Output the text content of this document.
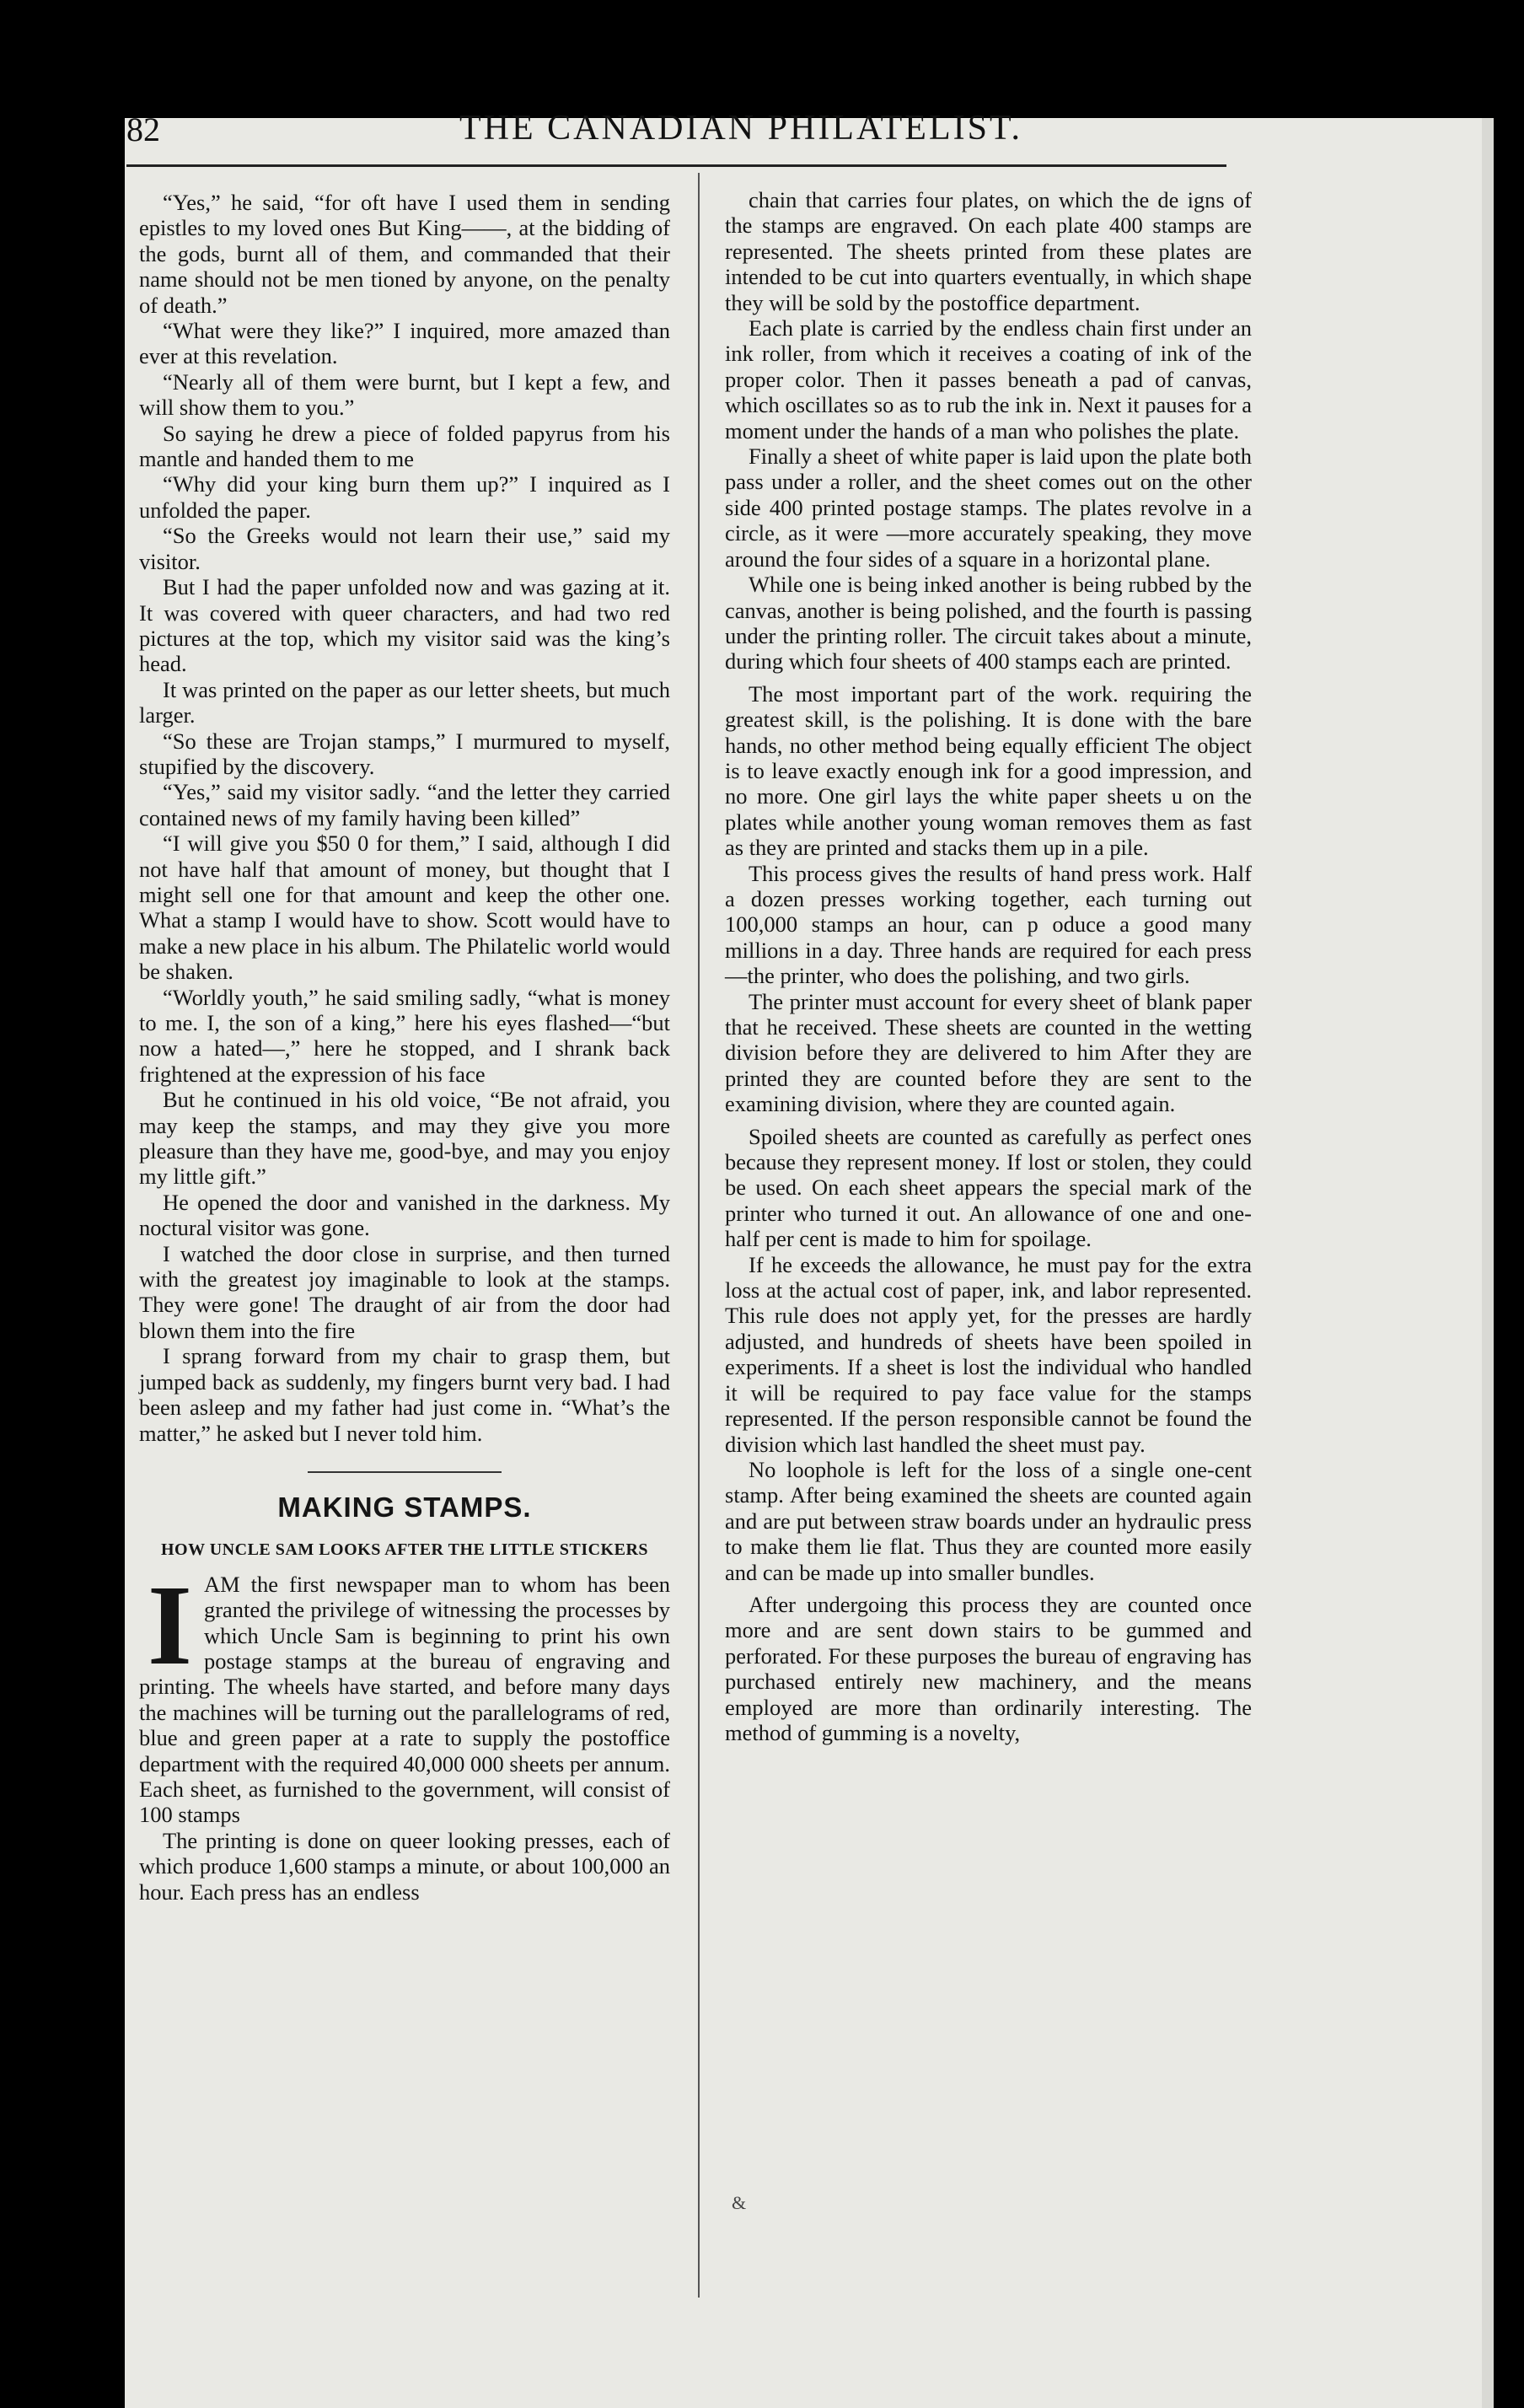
82	THE CANADIAN PHILATELIST.

“Yes,” he said, “for oft have I used them in sending epistles to my loved ones But King——, at the bidding of the gods, burnt all of them, and commanded that their name should not be men tioned by anyone, on the penalty of death.”

“What were they like?” I inquired, more amazed than ever at this revelation.

“Nearly all of them were burnt, but I kept a few, and will show them to you.”

So saying he drew a piece of folded papyrus from his mantle and handed them to me

“Why did your king burn them up?” I inquired as I unfolded the paper.

“So the Greeks would not learn their use,” said my visitor.

But I had the paper unfolded now and was gazing at it. It was covered with queer characters, and had two red pictures at the top, which my visitor said was the king’s head.

It was printed on the paper as our letter sheets, but much larger.

“So these are Trojan stamps,” I murmured to myself, stupified by the discovery.

“Yes,” said my visitor sadly. “and the letter they carried contained news of my family having been killed”

“I will give you $50 0 for them,” I said, although I did not have half that amount of money, but thought that I might sell one for that amount and keep the other one. What a stamp I would have to show. Scott would have to make a new place in his album. The Philatelic world would be shaken.

“Worldly youth,” he said smiling sadly, “what is money to me. I, the son of a king,” here his eyes flashed—“but now a hated—,” here he stopped, and I shrank back frightened at the expression of his face

But he continued in his old voice, “Be not afraid, you may keep the stamps, and may they give you more pleasure than they have me, good-bye, and may you enjoy my little gift.”

He opened the door and vanished in the darkness. My noctural visitor was gone.

I watched the door close in surprise, and then turned with the greatest joy imaginable to look at the stamps. They were gone! The draught of air from the door had blown them into the fire

I sprang forward from my chair to grasp them, but jumped back as suddenly, my fingers burnt very bad. I had been asleep and my father had just come in. “What’s the matter,” he asked but I never told him.

MAKING STAMPS.
HOW UNCLE SAM LOOKS AFTER THE LITTLE STICKERS
I AM the first newspaper man to whom has been granted the privilege of witnessing the processes by which Uncle Sam is beginning to print his own postage stamps at the bureau of engraving and printing. The wheels have started, and before many days the machines will be turning out the parallelograms of red, blue and green paper at a rate to supply the postoffice department with the required 40,000 000 sheets per annum. Each sheet, as furnished to the government, will consist of 100 stamps

The printing is done on queer looking presses, each of which produce 1,600 stamps a minute, or about 100,000 an hour. Each press has an endless

chain that carries four plates, on which the de igns of the stamps are engraved. On each plate 400 stamps are represented. The sheets printed from these plates are intended to be cut into quarters eventually, in which shape they will be sold by the postoffice department.

Each plate is carried by the endless chain first under an ink roller, from which it receives a coating of ink of the proper color. Then it passes beneath a pad of canvas, which oscillates so as to rub the ink in. Next it pauses for a moment under the hands of a man who polishes the plate.

Finally a sheet of white paper is laid upon the plate both pass under a roller, and the sheet comes out on the other side 400 printed postage stamps. The plates revolve in a circle, as it were —more accurately speaking, they move around the four sides of a square in a horizontal plane.

While one is being inked another is being rubbed by the canvas, another is being polished, and the fourth is passing under the printing roller. The circuit takes about a minute, during which four sheets of 400 stamps each are printed.

The most important part of the work. requiring the greatest skill, is the polishing. It is done with the bare hands, no other method being equally efficient The object is to leave exactly enough ink for a good impression, and no more. One girl lays the white paper sheets u on the plates while another young woman removes them as fast as they are printed and stacks them up in a pile.

This process gives the results of hand press work. Half a dozen presses working together, each turning out 100,000 stamps an hour, can p oduce a good many millions in a day. Three hands are required for each press—the printer, who does the polishing, and two girls.

The printer must account for every sheet of blank paper that he received. These sheets are counted in the wetting division before they are delivered to him After they are printed they are counted before they are sent to the examining division, where they are counted again.

Spoiled sheets are counted as carefully as perfect ones because they represent money. If lost or stolen, they could be used. On each sheet appears the special mark of the printer who turned it out. An allowance of one and one-half per cent is made to him for spoilage.

If he exceeds the allowance, he must pay for the extra loss at the actual cost of paper, ink, and labor represented. This rule does not apply yet, for the presses are hardly adjusted, and hundreds of sheets have been spoiled in experiments. If a sheet is lost the individual who handled it will be required to pay face value for the stamps represented. If the person responsible cannot be found the division which last handled the sheet must pay.

No loophole is left for the loss of a single one-cent stamp. After being examined the sheets are counted again and are put between straw boards under an hydraulic press to make them lie flat. Thus they are counted more easily and can be made up into smaller bundles.

After undergoing this process they are counted once more and are sent down stairs to be gummed and perforated. For these purposes the bureau of engraving has purchased entirely new machinery, and the means employed are more than ordinarily interesting. The method of gumming is a novelty,

&
